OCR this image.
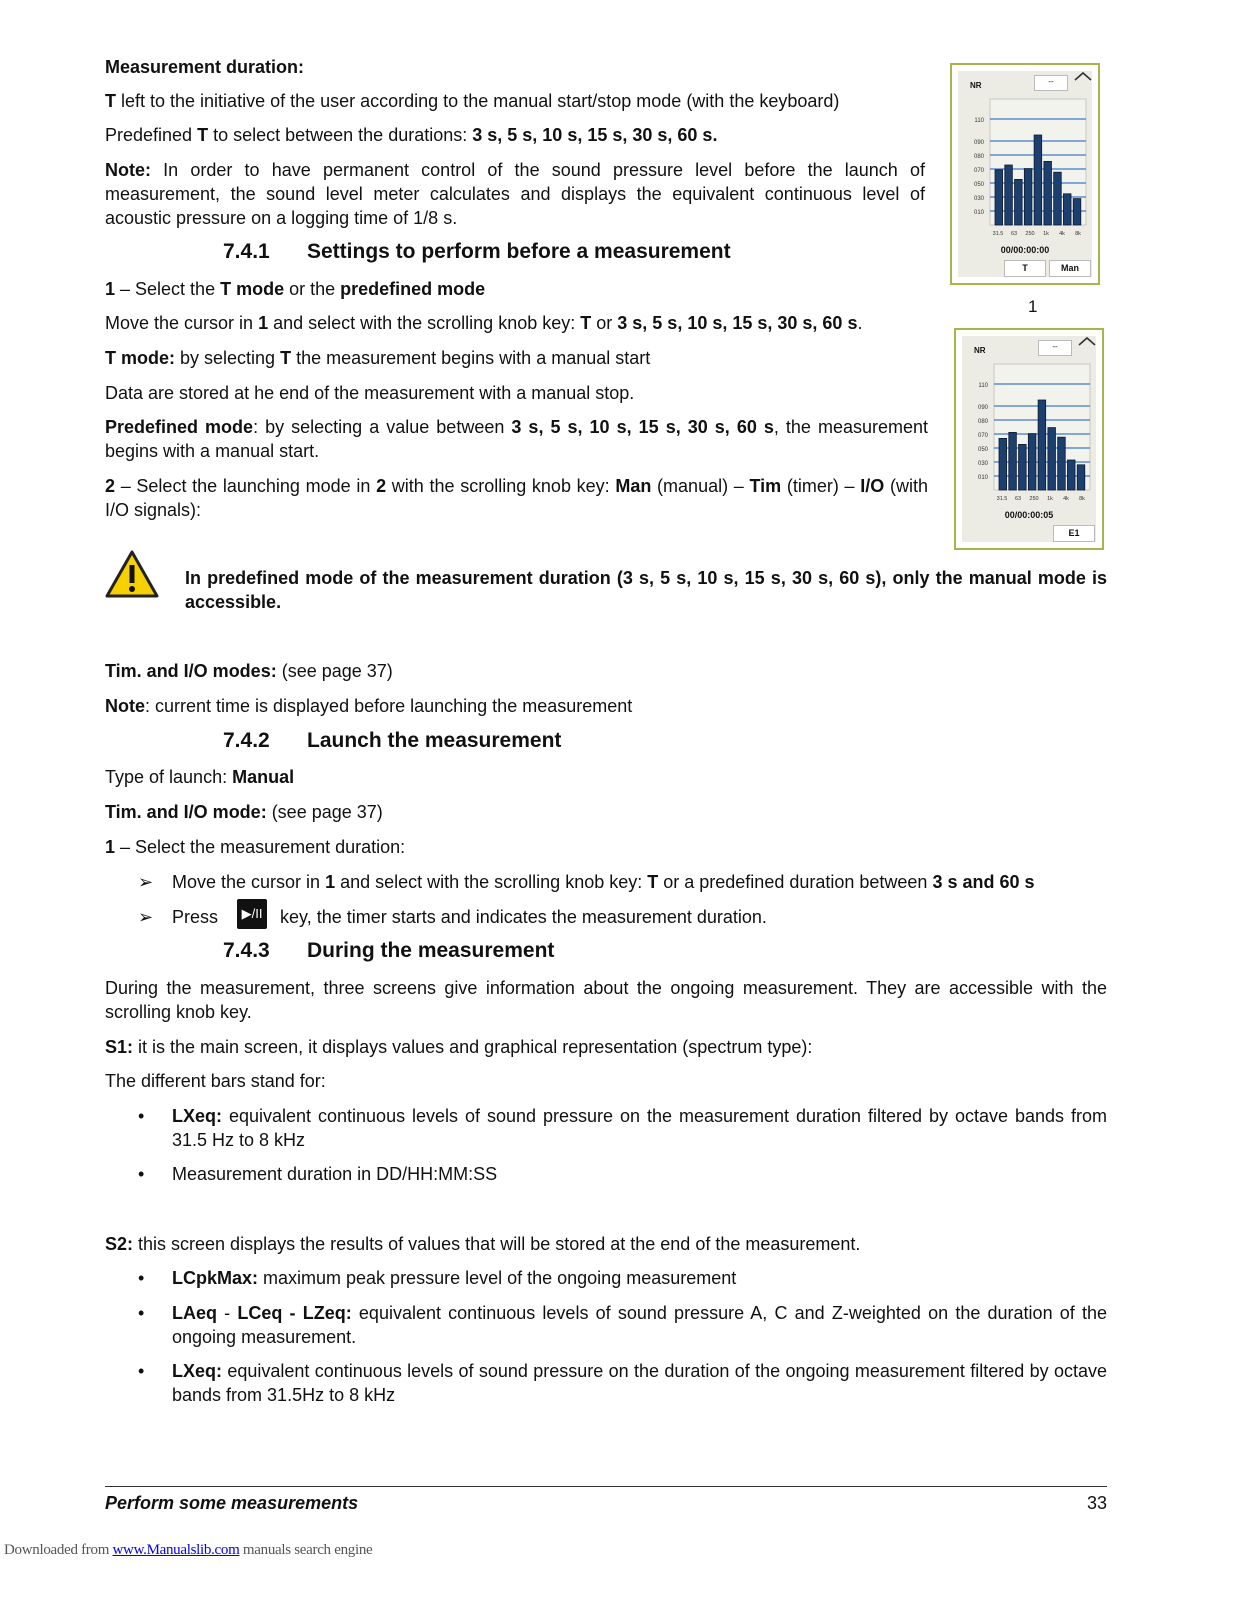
Measurement duration:
T left to the initiative of the user according to the manual start/stop mode (with the keyboard)
Predefined T to select between the durations: 3 s, 5 s, 10 s, 15 s, 30 s, 60 s.
Note: In order to have permanent control of the sound pressure level before the launch of measurement, the sound level meter calculates and displays the equivalent continuous level of acoustic pressure on a logging time of 1/8 s.
7.4.1 Settings to perform before a measurement
1 – Select the T mode or the predefined mode
Move the cursor in 1 and select with the scrolling knob key: T or 3 s, 5 s, 10 s, 15 s, 30 s, 60 s.
T mode: by selecting T the measurement begins with a manual start
Data are stored at he end of the measurement with a manual stop.
Predefined mode: by selecting a value between 3 s, 5 s, 10 s, 15 s, 30 s, 60 s, the measurement begins with a manual start.
2 – Select the launching mode in 2 with the scrolling knob key: Man (manual) – Tim (timer) – I/O (with I/O signals):
In predefined mode of the measurement duration (3 s, 5 s, 10 s, 15 s, 30 s, 60 s), only the manual mode is accessible.
Tim. and I/O modes: (see page 37)
Note: current time is displayed before launching the measurement
7.4.2 Launch the measurement
Type of launch: Manual
Tim. and I/O mode: (see page 37)
1 – Select the measurement duration:
➢ Move the cursor in 1 and select with the scrolling knob key: T or a predefined duration between 3 s and 60 s
➢ Press ▶/II key, the timer starts and indicates the measurement duration.
7.4.3 During the measurement
During the measurement, three screens give information about the ongoing measurement. They are accessible with the scrolling knob key.
S1: it is the main screen, it displays values and graphical representation (spectrum type):
The different bars stand for:
• LXeq: equivalent continuous levels of sound pressure on the measurement duration filtered by octave bands from 31.5 Hz to 8 kHz
• Measurement duration in DD/HH:MM:SS
S2: this screen displays the results of values that will be stored at the end of the measurement.
• LCpkMax: maximum peak pressure level of the ongoing measurement
• LAeq - LCeq - LZeq: equivalent continuous levels of sound pressure A, C and Z-weighted on the duration of the ongoing measurement.
• LXeq: equivalent continuous levels of sound pressure on the duration of the ongoing measurement filtered by octave bands from 31.5Hz to 8 kHz
NR	--
110
090
080
070
050
030
010
31.5 63 250 1k 4k 8k
00/00:00:00
T	Man
1
NR	--
110
090
080
070
050
030
010
31.5 63 250 1k 4k 8k
00/00:00:05
E1
Perform some measurements	33
Downloaded from www.Manualslib.com manuals search engine
